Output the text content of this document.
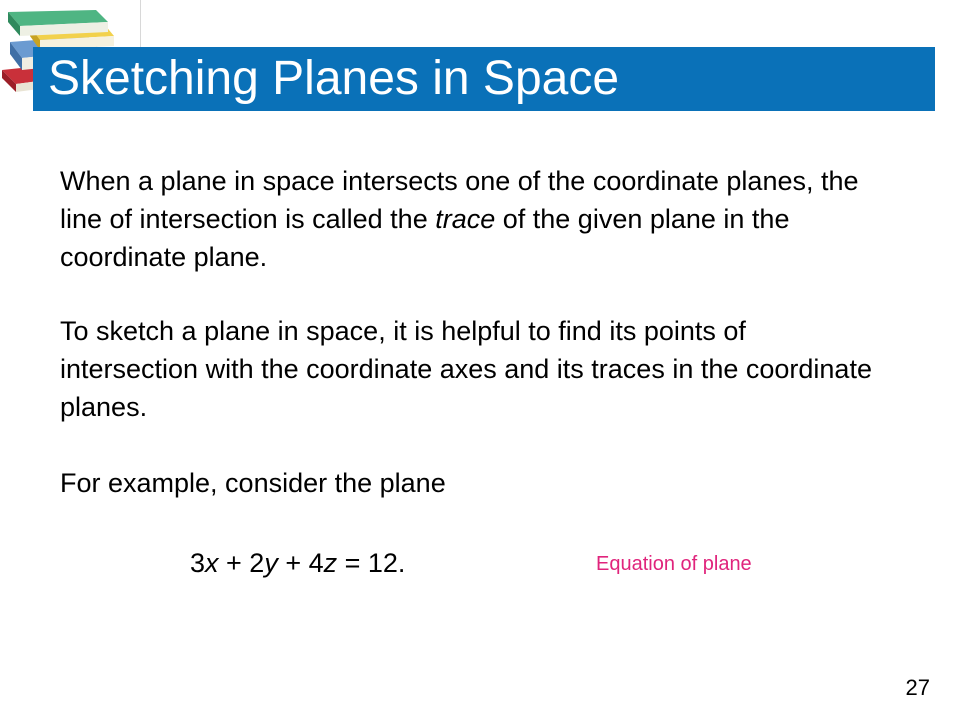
Sketching Planes in Space
When a plane in space intersects one of the coordinate planes, the line of intersection is called the trace of the given plane in the coordinate plane.
To sketch a plane in space, it is helpful to find its points of intersection with the coordinate axes and its traces in the coordinate planes.
For example, consider the plane
3x + 2y + 4z = 12.	Equation of plane
27
